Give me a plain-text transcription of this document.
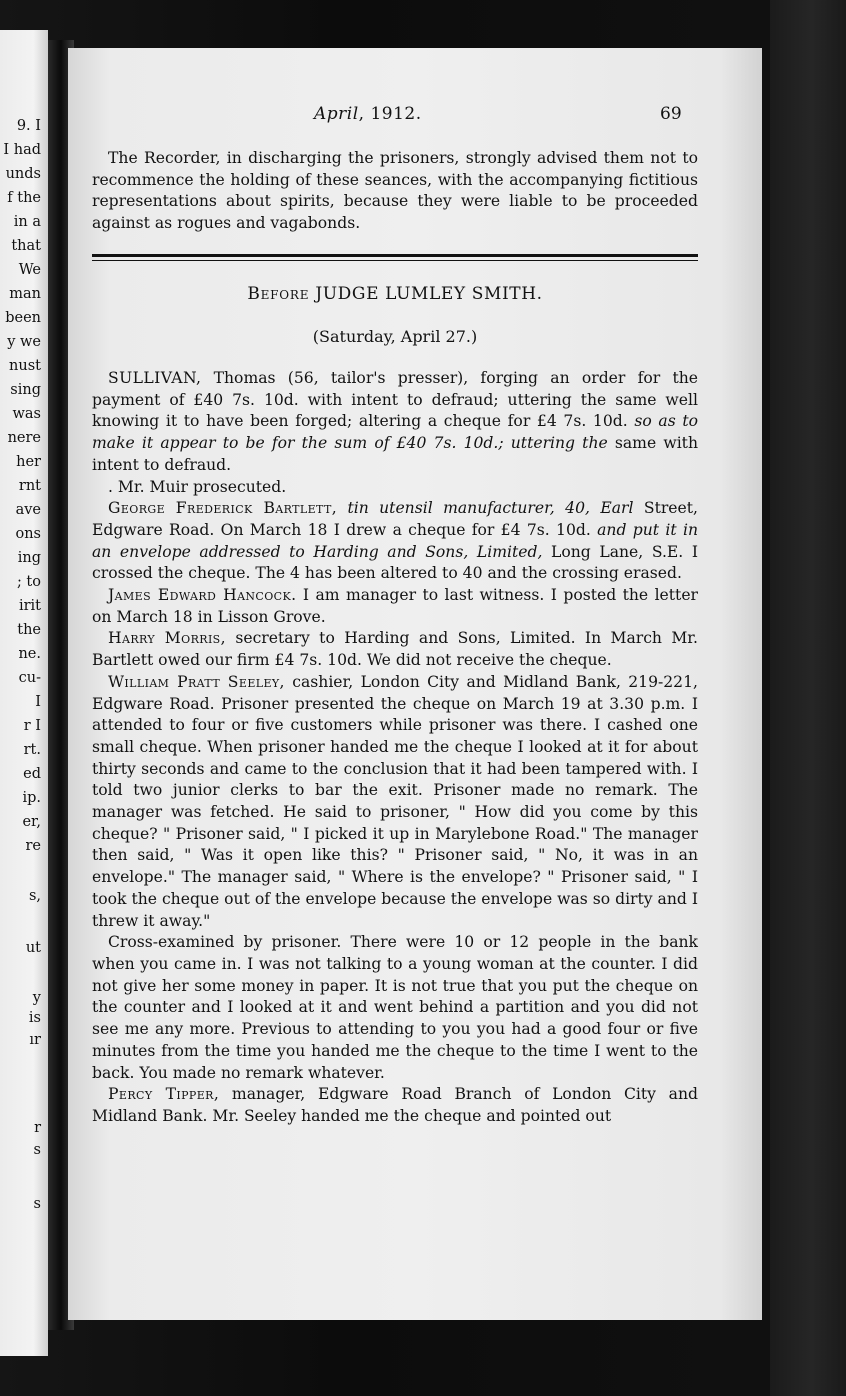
9. I
I had
unds
f the
in a
that
We
man
been
y we
nust
sing
was
nere
her
rnt
ave
ons
ing
; to
irit
the
ne.
cu-
I
r I
rt.
ed
ip.
er,
re
s,
ut
y
is
ır
r
s
s
April, 1912.	69

The Recorder, in discharging the prisoners, strongly advised them not to recommence the holding of these seances, with the accompanying fictitious representations about spirits, because they were liable to be proceeded against as rogues and vagabonds.

Before JUDGE LUMLEY SMITH.
(Saturday, April 27.)

SULLIVAN, Thomas (56, tailor's presser), forging an order for the payment of £40 7s. 10d. with intent to defraud; uttering the same well knowing it to have been forged; altering a cheque for £4 7s. 10d. so as to make it appear to be for the sum of £40 7s. 10d.; uttering the same with intent to defraud.

. Mr. Muir prosecuted.

George Frederick Bartlett, tin utensil manufacturer, 40, Earl Street, Edgware Road. On March 18 I drew a cheque for £4 7s. 10d. and put it in an envelope addressed to Harding and Sons, Limited, Long Lane, S.E. I crossed the cheque. The 4 has been altered to 40 and the crossing erased.

James Edward Hancock. I am manager to last witness. I posted the letter on March 18 in Lisson Grove.

Harry Morris, secretary to Harding and Sons, Limited. In March Mr. Bartlett owed our firm £4 7s. 10d. We did not receive the cheque.

William Pratt Seeley, cashier, London City and Midland Bank, 219-221, Edgware Road. Prisoner presented the cheque on March 19 at 3.30 p.m. I attended to four or five customers while prisoner was there. I cashed one small cheque. When prisoner handed me the cheque I looked at it for about thirty seconds and came to the conclusion that it had been tampered with. I told two junior clerks to bar the exit. Prisoner made no remark. The manager was fetched. He said to prisoner, " How did you come by this cheque? " Prisoner said, " I picked it up in Marylebone Road." The manager then said, " Was it open like this? " Prisoner said, " No, it was in an envelope." The manager said, " Where is the envelope? " Prisoner said, " I took the cheque out of the envelope because the envelope was so dirty and I threw it away."

Cross-examined by prisoner. There were 10 or 12 people in the bank when you came in. I was not talking to a young woman at the counter. I did not give her some money in paper. It is not true that you put the cheque on the counter and I looked at it and went behind a partition and you did not see me any more. Previous to attending to you you had a good four or five minutes from the time you handed me the cheque to the time I went to the back. You made no remark whatever.

Percy Tipper, manager, Edgware Road Branch of London City and Midland Bank. Mr. Seeley handed me the cheque and pointed out
